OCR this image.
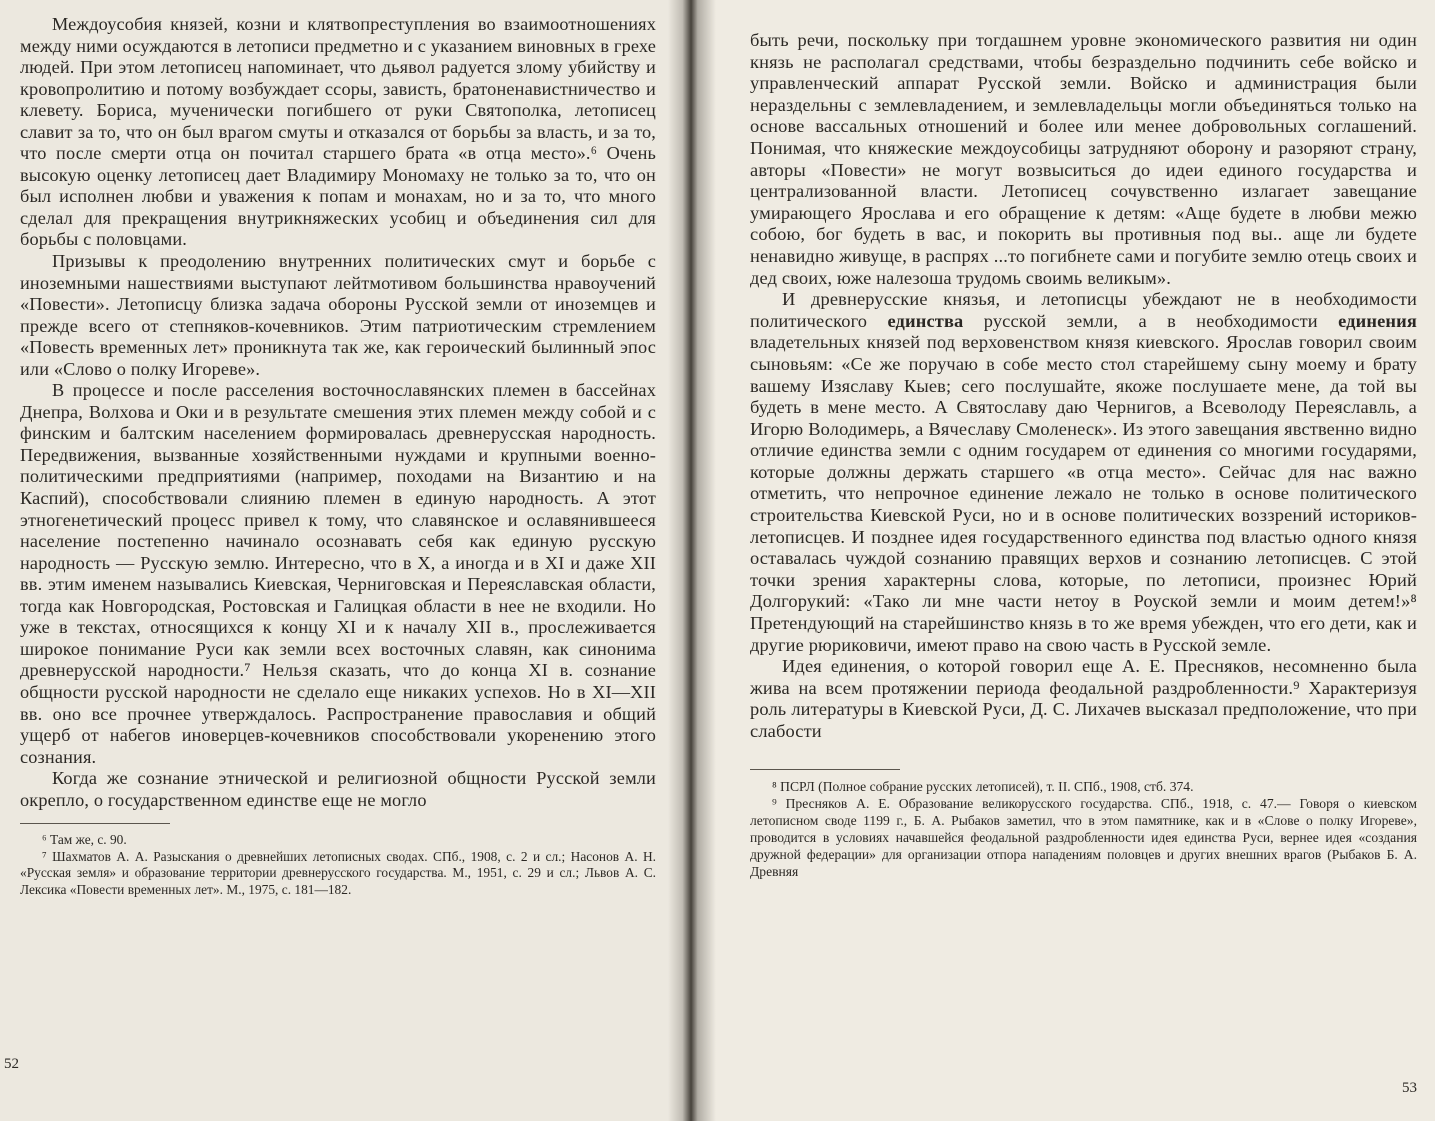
Междоусобия князей, козни и клятвопреступления во взаимоотношениях между ними осуждаются в летописи предметно и с указанием виновных в грехе людей. При этом летописец напоминает, что дьявол радуется злому убийству и кровопролитию и потому возбуждает ссоры, зависть, братоненавистничество и клевету. Бориса, мученически погибшего от руки Святополка, летописец славит за то, что он был врагом смуты и отказался от борьбы за власть, и за то, что после смерти отца он почитал старшего брата «в отца место».⁶ Очень высокую оценку летописец дает Владимиру Мономаху не только за то, что он был исполнен любви и уважения к попам и монахам, но и за то, что много сделал для прекращения внутрикняжеских усобиц и объединения сил для борьбы с половцами.

Призывы к преодолению внутренних политических смут и борьбе с иноземными нашествиями выступают лейтмотивом большинства нравоучений «Повести». Летописцу близка задача обороны Русской земли от иноземцев и прежде всего от степняков-кочевников. Этим патриотическим стремлением «Повесть временных лет» проникнута так же, как героический былинный эпос или «Слово о полку Игореве».

В процессе и после расселения восточнославянских племен в бассейнах Днепра, Волхова и Оки и в результате смешения этих племен между собой и с финским и балтским населением формировалась древнерусская народность. Передвижения, вызванные хозяйственными нуждами и крупными военно-политическими предприятиями (например, походами на Византию и на Каспий), способствовали слиянию племен в единую народность. А этот этногенетический процесс привел к тому, что славянское и ославянившееся население постепенно начинало осознавать себя как единую русскую народность — Русскую землю. Интересно, что в X, а иногда и в XI и даже XII вв. этим именем назывались Киевская, Черниговская и Переяславская области, тогда как Новгородская, Ростовская и Галицкая области в нее не входили. Но уже в текстах, относящихся к концу XI и к началу XII в., прослеживается широкое понимание Руси как земли всех восточных славян, как синонима древнерусской народности.⁷ Нельзя сказать, что до конца XI в. сознание общности русской народности не сделало еще никаких успехов. Но в XI—XII вв. оно все прочнее утверждалось. Распространение православия и общий ущерб от набегов иноверцев-кочевников способствовали укоренению этого сознания.

Когда же сознание этнической и религиозной общности Русской земли окрепло, о государственном единстве еще не могло

⁶ Там же, с. 90.

⁷ Шахматов А. А. Разыскания о древнейших летописных сводах. СПб., 1908, с. 2 и сл.; Насонов А. Н. «Русская земля» и образование территории древнерусского государства. М., 1951, с. 29 и сл.; Львов А. С. Лексика «Повести временных лет». М., 1975, с. 181—182.

52

быть речи, поскольку при тогдашнем уровне экономического развития ни один князь не располагал средствами, чтобы безраздельно подчинить себе войско и управленческий аппарат Русской земли. Войско и администрация были нераздельны с землевладением, и землевладельцы могли объединяться только на основе вассальных отношений и более или менее добровольных соглашений. Понимая, что княжеские междоусобицы затрудняют оборону и разоряют страну, авторы «Повести» не могут возвыситься до идеи единого государства и централизованной власти. Летописец сочувственно излагает завещание умирающего Ярослава и его обращение к детям: «Аще будете в любви межю собою, бог будеть в вас, и покорить вы противныя под вы.. аще ли будете ненавидно живуще, в распрях ...то погибнете сами и погубите землю отець своих и дед своих, юже налезоша трудомь своимь великым».

И древнерусские князья, и летописцы убеждают не в необходимости политического единства русской земли, а в необходимости единения владетельных князей под верховенством князя киевского. Ярослав говорил своим сыновьям: «Се же поручаю в собе место стол старейшему сыну моему и брату вашему Изяславу Кыев; сего послушайте, якоже послушаете мене, да той вы будеть в мене место. А Святославу даю Чернигов, а Всеволоду Переяславль, а Игорю Володимерь, а Вячеславу Смоленеск». Из этого завещания явственно видно отличие единства земли с одним государем от единения со многими государями, которые должны держать старшего «в отца место». Сейчас для нас важно отметить, что непрочное единение лежало не только в основе политического строительства Киевской Руси, но и в основе политических воззрений историков-летописцев. И позднее идея государственного единства под властью одного князя оставалась чуждой сознанию правящих верхов и сознанию летописцев. С этой точки зрения характерны слова, которые, по летописи, произнес Юрий Долгорукий: «Тако ли мне части нетоу в Роуской земли и моим детем!»⁸ Претендующий на старейшинство князь в то же время убежден, что его дети, как и другие рюриковичи, имеют право на свою часть в Русской земле.

Идея единения, о которой говорил еще А. Е. Пресняков, несомненно была жива на всем протяжении периода феодальной раздробленности.⁹ Характеризуя роль литературы в Киевской Руси, Д. С. Лихачев высказал предположение, что при слабости

⁸ ПСРЛ (Полное собрание русских летописей), т. II. СПб., 1908, стб. 374.

⁹ Пресняков А. Е. Образование великорусского государства. СПб., 1918, с. 47.— Говоря о киевском летописном своде 1199 г., Б. А. Рыбаков заметил, что в этом памятнике, как и в «Слове о полку Игореве», проводится в условиях начавшейся феодальной раздробленности идея единства Руси, вернее идея «создания дружной федерации» для организации отпора нападениям половцев и других внешних врагов (Рыбаков Б. А. Древняя

53
